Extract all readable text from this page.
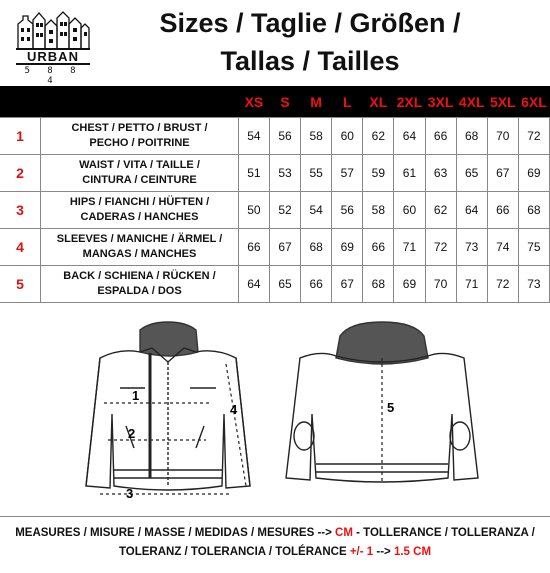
URBAN
5 8 8 4
Sizes / Taglie / Größen /
Tallas / Tailles
		XS	S	M	L	XL	2XL	3XL	4XL	5XL	6XL
1	CHEST / PETTO / BRUST /
PECHO / POITRINE	54	56	58	60	62	64	66	68	70	72
2	WAIST / VITA / TAILLE /
CINTURA / CEINTURE	51	53	55	57	59	61	63	65	67	69
3	HIPS / FIANCHI / HÜFTEN /
CADERAS / HANCHES	50	52	54	56	58	60	62	64	66	68
4	SLEEVES / MANICHE / ÄRMEL /
MANGAS / MANCHES	66	67	68	69	66	71	72	73	74	75
5	BACK / SCHIENA / RÜCKEN /
ESPALDA / DOS	64	65	66	67	68	69	70	71	72	73
1
2
3
4	5
MEASURES / MISURE / MASSE / MEDIDAS / MESURES --> CM - TOLLERANCE / TOLLERANZA /
TOLERANZ / TOLERANCIA / TOLÉRANCE +/- 1 --> 1.5 CM
